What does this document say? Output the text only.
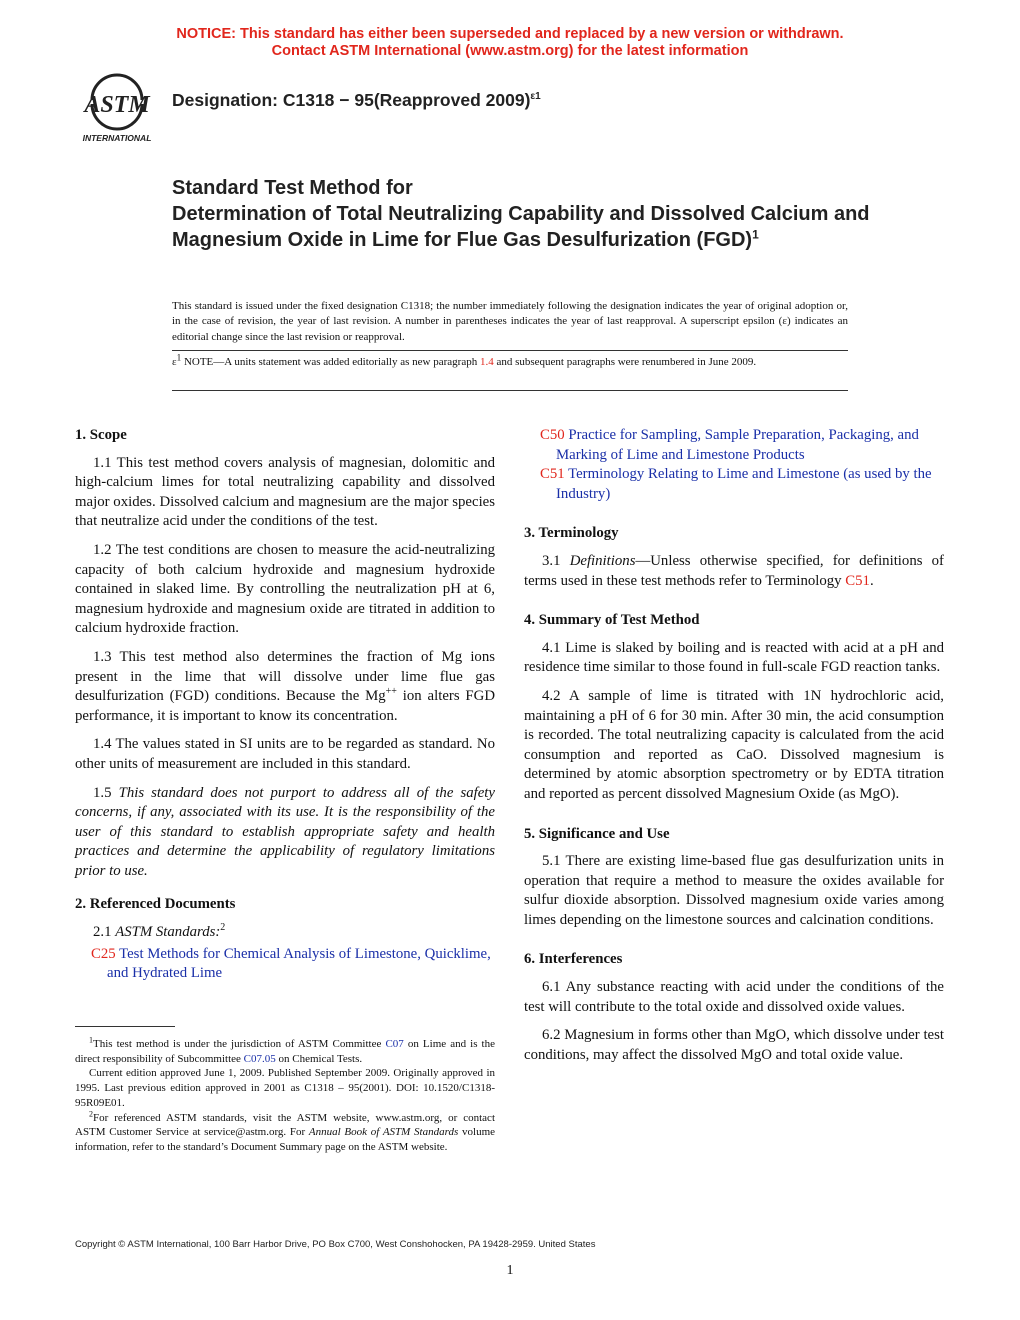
NOTICE: This standard has either been superseded and replaced by a new version or withdrawn.
Contact ASTM International (www.astm.org) for the latest information
ASTM
INTERNATIONAL
Designation: C1318 − 95(Reapproved 2009)$^{\varepsilon 1}$
Standard Test Method for
Determination of Total Neutralizing Capability and Dissolved Calcium and Magnesium Oxide in Lime for Flue Gas Desulfurization (FGD)$^1$
This standard is issued under the fixed designation C1318; the number immediately following the designation indicates the year of original adoption or, in the case of revision, the year of last revision. A number in parentheses indicates the year of last reapproval. A superscript epsilon (ε) indicates an editorial change since the last revision or reapproval.
$\varepsilon^1$ NOTE—A units statement was added editorially as new paragraph 1.4 and subsequent paragraphs were renumbered in June 2009.
1. Scope

1.1 This test method covers analysis of magnesian, dolomitic and high-calcium limes for total neutralizing capability and dissolved major oxides. Dissolved calcium and magnesium are the major species that neutralize acid under the conditions of the test.

1.2 The test conditions are chosen to measure the acid-neutralizing capacity of both calcium hydroxide and magnesium hydroxide contained in slaked lime. By controlling the neutralization pH at 6, magnesium hydroxide and magnesium oxide are titrated in addition to calcium hydroxide fraction.

1.3 This test method also determines the fraction of Mg ions present in the lime that will dissolve under lime flue gas desulfurization (FGD) conditions. Because the Mg++ ion alters FGD performance, it is important to know its concentration.

1.4 The values stated in SI units are to be regarded as standard. No other units of measurement are included in this standard.

1.5 This standard does not purport to address all of the safety concerns, if any, associated with its use. It is the responsibility of the user of this standard to establish appropriate safety and health practices and determine the applicability of regulatory limitations prior to use.

2. Referenced Documents

2.1 ASTM Standards:$^2$

C25 Test Methods for Chemical Analysis of Limestone, Quicklime, and Hydrated Lime

C50 Practice for Sampling, Sample Preparation, Packaging, and Marking of Lime and Limestone Products

C51 Terminology Relating to Lime and Limestone (as used by the Industry)

3. Terminology

3.1 Definitions—Unless otherwise specified, for definitions of terms used in these test methods refer to Terminology C51.

4. Summary of Test Method

4.1 Lime is slaked by boiling and is reacted with acid at a pH and residence time similar to those found in full-scale FGD reaction tanks.

4.2 A sample of lime is titrated with 1N hydrochloric acid, maintaining a pH of 6 for 30 min. After 30 min, the acid consumption is recorded. The total neutralizing capacity is calculated from the acid consumption and reported as CaO. Dissolved magnesium is determined by atomic absorption spectrometry or by EDTA titration and reported as percent dissolved Magnesium Oxide (as MgO).

5. Significance and Use

5.1 There are existing lime-based flue gas desulfurization units in operation that require a method to measure the oxides available for sulfur dioxide absorption. Dissolved magnesium oxide varies among limes depending on the limestone sources and calcination conditions.

6. Interferences

6.1 Any substance reacting with acid under the conditions of the test will contribute to the total oxide and dissolved oxide values.

6.2 Magnesium in forms other than MgO, which dissolve under test conditions, may affect the dissolved MgO and total oxide value.

$^1$This test method is under the jurisdiction of ASTM Committee C07 on Lime and is the direct responsibility of Subcommittee C07.05 on Chemical Tests.

Current edition approved June 1, 2009. Published September 2009. Originally approved in 1995. Last previous edition approved in 2001 as C1318 – 95(2001). DOI: 10.1520/C1318-95R09E01.

$^2$For referenced ASTM standards, visit the ASTM website, www.astm.org, or contact ASTM Customer Service at service@astm.org. For Annual Book of ASTM Standards volume information, refer to the standard’s Document Summary page on the ASTM website.

Copyright © ASTM International, 100 Barr Harbor Drive, PO Box C700, West Conshohocken, PA 19428-2959. United States
1
